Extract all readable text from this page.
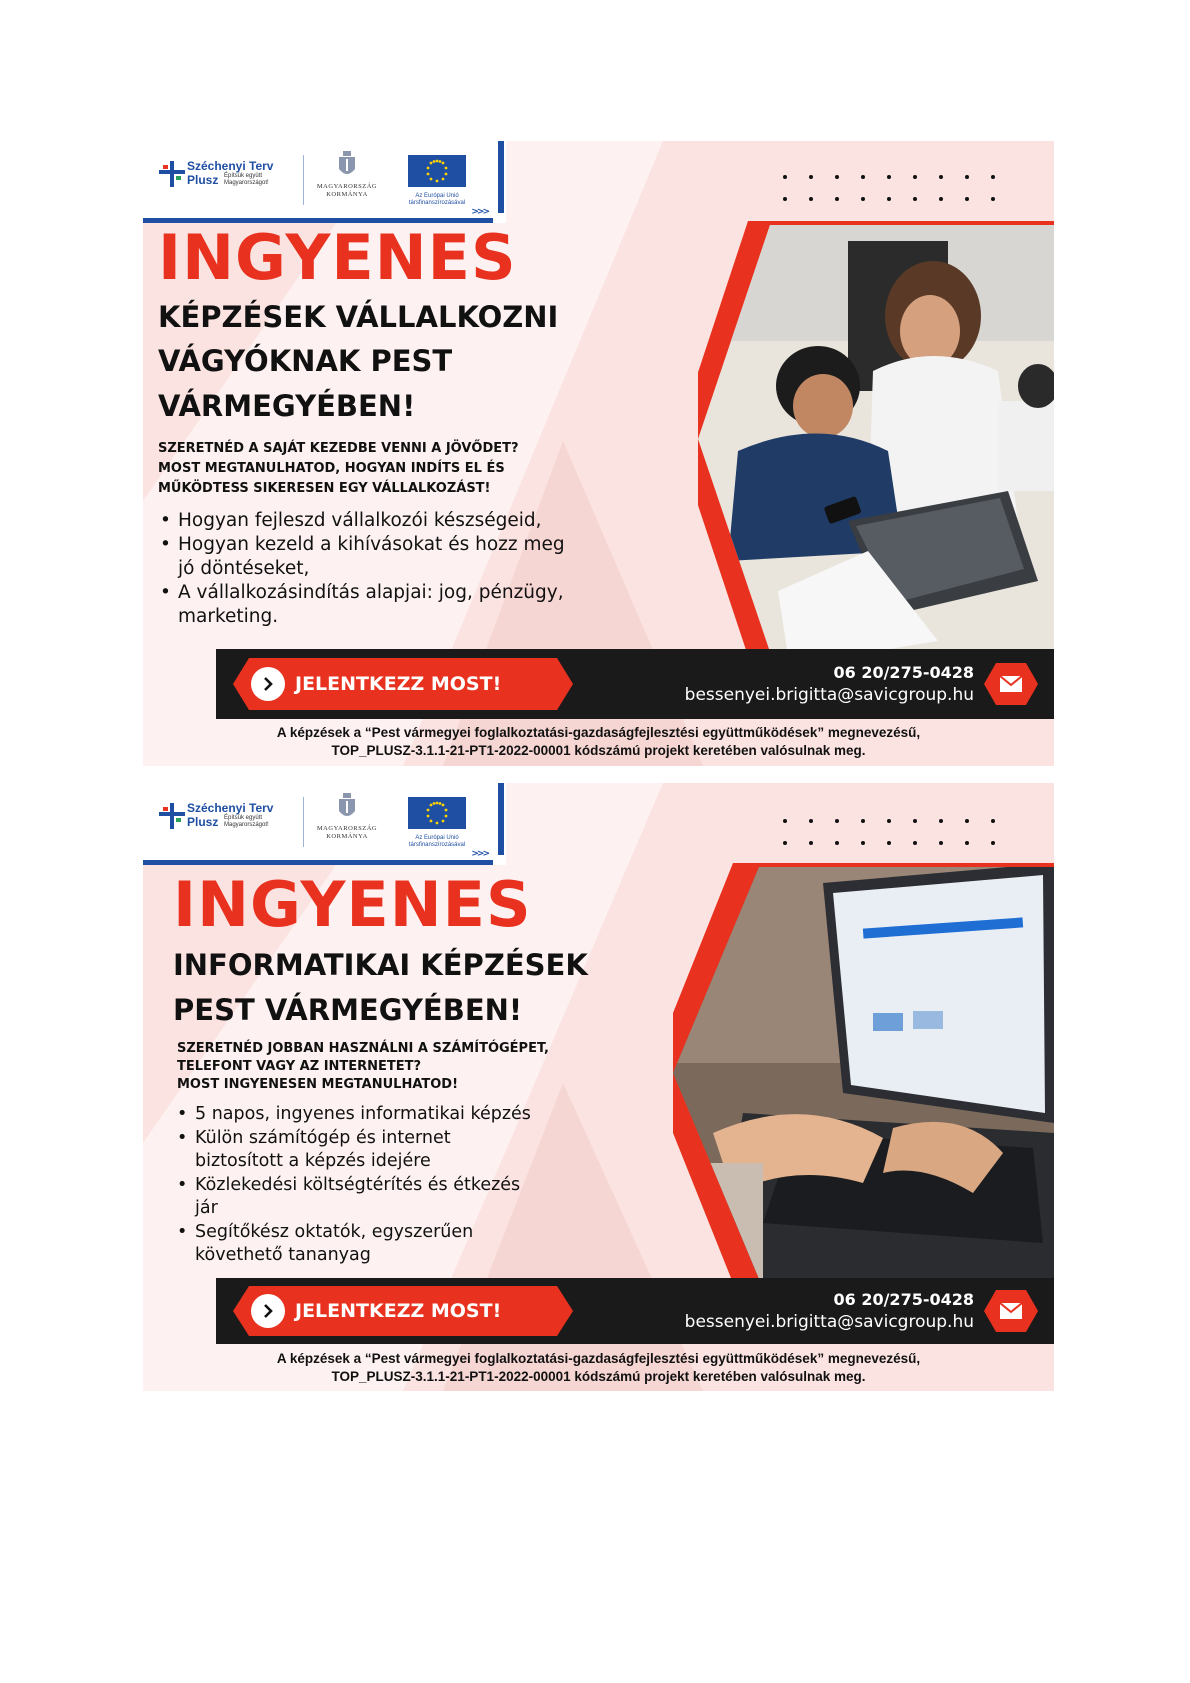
Széchenyi Terv
Plusz Építsük együtt Magyarországot!	MAGYARORSZÁG KORMÁNYA	Az Európai Unió társfinanszírozásával
⌄
⌄
⌄
>>>
INGYENES
KÉPZÉSEK VÁLLALKOZNI
VÁGYÓKNAK PEST
VÁRMEGYÉBEN!
SZERETNÉD A SAJÁT KEZEDBE VENNI A JÖVŐDET?
MOST MEGTANULHATOD, HOGYAN INDÍTS EL ÉS
MŰKÖDTESS SIKERESEN EGY VÁLLALKOZÁST!
• Hogyan fejleszd vállalkozói készségeid,
• Hogyan kezeld a kihívásokat és hozz meg
jó döntéseket,
• A vállalkozásindítás alapjai: jog, pénzügy,
marketing.
JELENTKEZZ MOST!
06 20/275-0428
bessenyei.brigitta@savicgroup.hu
A képzések a “Pest vármegyei foglalkoztatási-gazdaságfejlesztési együttműködések” megnevezésű,
TOP_PLUSZ-3.1.1-21-PT1-2022-00001 kódszámú projekt keretében valósulnak meg.
Széchenyi Terv
Plusz Építsük együtt Magyarországot!	MAGYARORSZÁG KORMÁNYA	Az Európai Unió társfinanszírozásával
⌄
⌄
⌄
>>>
INGYENES
INFORMATIKAI KÉPZÉSEK
PEST VÁRMEGYÉBEN!
SZERETNÉD JOBBAN HASZNÁLNI A SZÁMÍTÓGÉPET,
TELEFONT VAGY AZ INTERNETET?
MOST INGYENESEN MEGTANULHATOD!
• 5 napos, ingyenes informatikai képzés
• Külön számítógép és internet
biztosított a képzés idejére
• Közlekedési költségtérítés és étkezés
jár
• Segítőkész oktatók, egyszerűen
követhető tananyag
JELENTKEZZ MOST!
06 20/275-0428
bessenyei.brigitta@savicgroup.hu
A képzések a “Pest vármegyei foglalkoztatási-gazdaságfejlesztési együttműködések” megnevezésű,
TOP_PLUSZ-3.1.1-21-PT1-2022-00001 kódszámú projekt keretében valósulnak meg.
